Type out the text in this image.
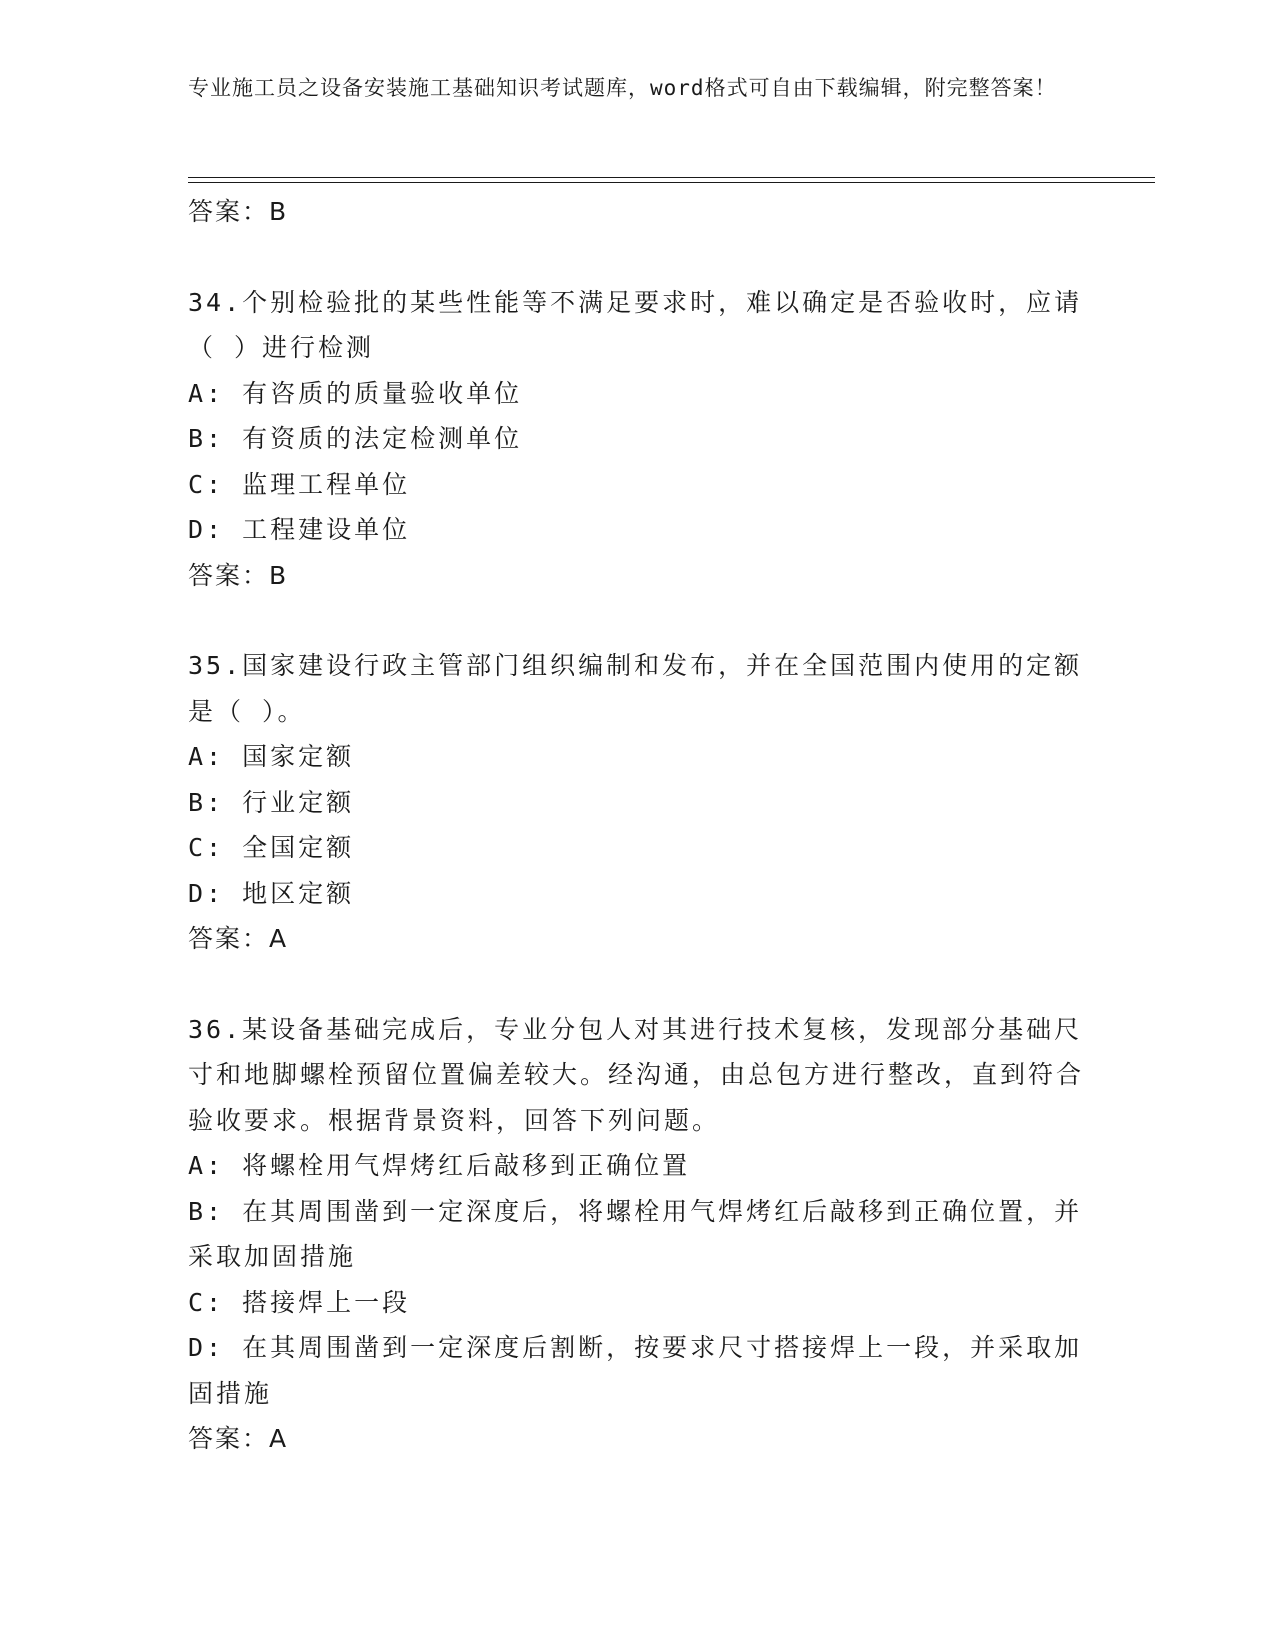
专业施工员之设备安装施工基础知识考试题库，word格式可自由下载编辑，附完整答案！
答案：B
34.个别检验批的某些性能等不满足要求时，难以确定是否验收时，应请（ ）进行检测
A: 有咨质的质量验收单位
B: 有资质的法定检测单位
C: 监理工程单位
D: 工程建设单位
答案：B
35.国家建设行政主管部门组织编制和发布，并在全国范围内使用的定额是（ ）。
A: 国家定额
B: 行业定额
C: 全国定额
D: 地区定额
答案：A
36.某设备基础完成后，专业分包人对其进行技术复核，发现部分基础尺寸和地脚螺栓预留位置偏差较大。经沟通，由总包方进行整改，直到符合验收要求。根据背景资料，回答下列问题。
A: 将螺栓用气焊烤红后敲移到正确位置
B: 在其周围凿到一定深度后，将螺栓用气焊烤红后敲移到正确位置，并采取加固措施
C: 搭接焊上一段
D: 在其周围凿到一定深度后割断，按要求尺寸搭接焊上一段，并采取加固措施
答案：A
